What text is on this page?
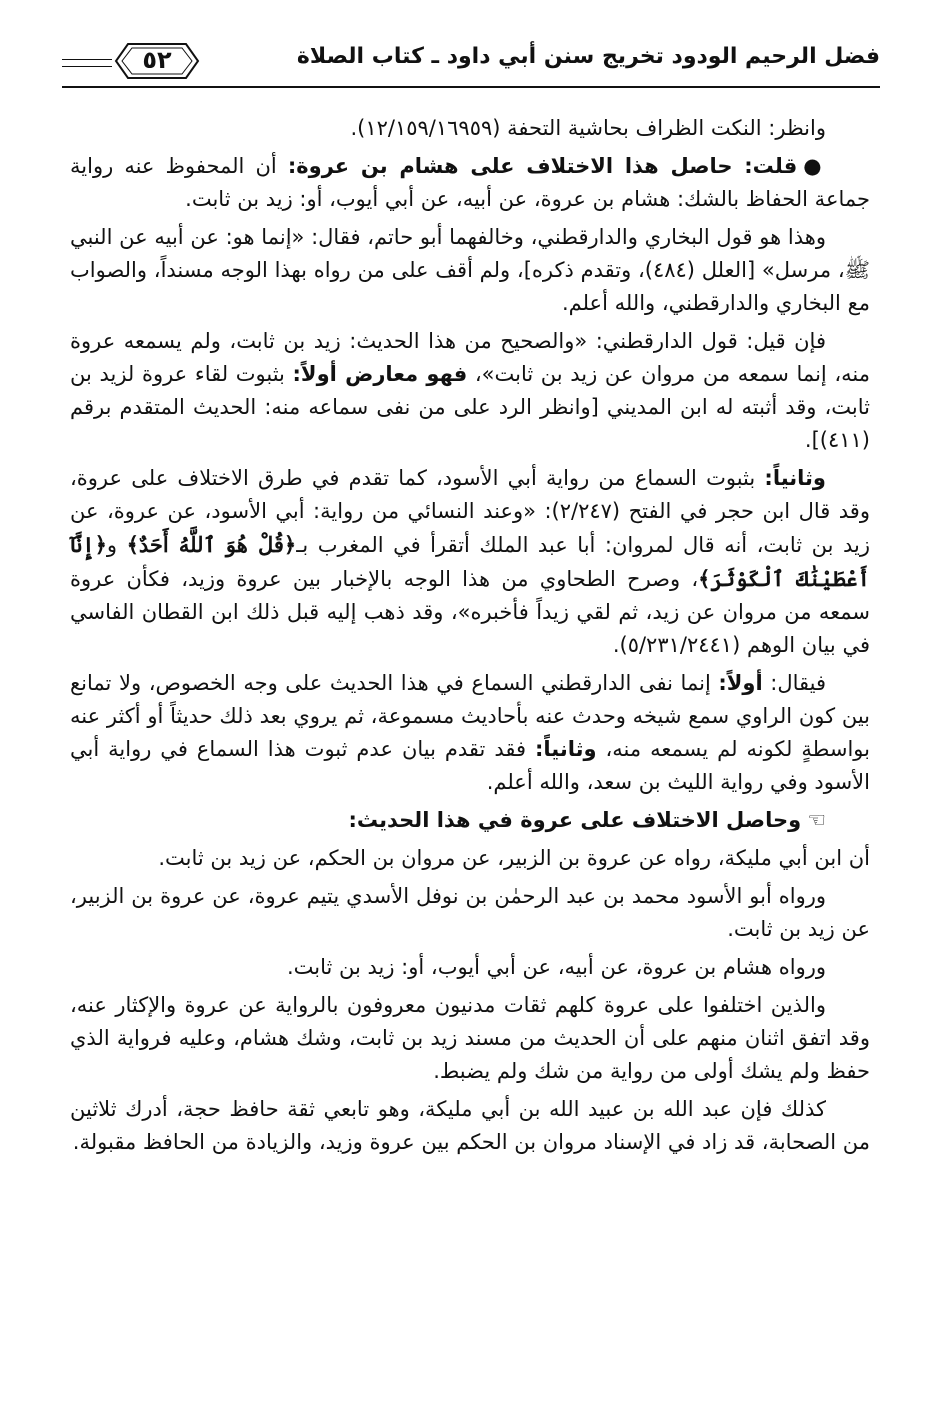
فضل الرحيم الودود تخريج سنن أبي داود ـ كتاب الصلاة
٥٢

وانظر: النكت الظراف بحاشية التحفة (١٢/١٥٩/١٦٩٥٩).

●قلت: حاصل هذا الاختلاف على هشام بن عروة: أن المحفوظ عنه رواية جماعة الحفاظ بالشك: هشام بن عروة، عن أبيه، عن أبي أيوب، أو: زيد بن ثابت.

وهذا هو قول البخاري والدارقطني، وخالفهما أبو حاتم، فقال: «إنما هو: عن أبيه عن النبي ﷺ، مرسل» [العلل (٤٨٤)، وتقدم ذكره]، ولم أقف على من رواه بهذا الوجه مسنداً، والصواب مع البخاري والدارقطني، والله أعلم.

فإن قيل: قول الدارقطني: «والصحيح من هذا الحديث: زيد بن ثابت، ولم يسمعه عروة منه، إنما سمعه من مروان عن زيد بن ثابت»، فهو معارض أولاً: بثبوت لقاء عروة لزيد بن ثابت، وقد أثبته له ابن المديني [وانظر الرد على من نفى سماعه منه: الحديث المتقدم برقم (٤١١)].

وثانياً: بثبوت السماع من رواية أبي الأسود، كما تقدم في طرق الاختلاف على عروة، وقد قال ابن حجر في الفتح (٢/٢٤٧): «وعند النسائي من رواية: أبي الأسود، عن عروة، عن زيد بن ثابت، أنه قال لمروان: أبا عبد الملك أتقرأ في المغرب بـ﴿قُلْ هُوَ ٱللَّهُ أَحَدٌ﴾ و﴿إِنَّآ أَعْطَيْنَٰكَ ٱلْكَوْثَرَ﴾، وصرح الطحاوي من هذا الوجه بالإخبار بين عروة وزيد، فكأن عروة سمعه من مروان عن زيد، ثم لقي زيداً فأخبره»، وقد ذهب إليه قبل ذلك ابن القطان الفاسي في بيان الوهم (٥/٢٣١/٢٤٤١).

فيقال: أولاً: إنما نفى الدارقطني السماع في هذا الحديث على وجه الخصوص، ولا تمانع بين كون الراوي سمع شيخه وحدث عنه بأحاديث مسموعة، ثم يروي بعد ذلك حديثاً أو أكثر عنه بواسطةٍ لكونه لم يسمعه منه، وثانياً: فقد تقدم بيان عدم ثبوت هذا السماع في رواية أبي الأسود وفي رواية الليث بن سعد، والله أعلم.

☜وحاصل الاختلاف على عروة في هذا الحديث:

أن ابن أبي مليكة، رواه عن عروة بن الزبير، عن مروان بن الحكم، عن زيد بن ثابت.

ورواه أبو الأسود محمد بن عبد الرحمٰن بن نوفل الأسدي يتيم عروة، عن عروة بن الزبير، عن زيد بن ثابت.

ورواه هشام بن عروة، عن أبيه، عن أبي أيوب، أو: زيد بن ثابت.

والذين اختلفوا على عروة كلهم ثقات مدنيون معروفون بالرواية عن عروة والإكثار عنه، وقد اتفق اثنان منهم على أن الحديث من مسند زيد بن ثابت، وشك هشام، وعليه فرواية الذي حفظ ولم يشك أولى من رواية من شك ولم يضبط.

كذلك فإن عبد الله بن عبيد الله بن أبي مليكة، وهو تابعي ثقة حافظ حجة، أدرك ثلاثين من الصحابة، قد زاد في الإسناد مروان بن الحكم بين عروة وزيد، والزيادة من الحافظ مقبولة.
